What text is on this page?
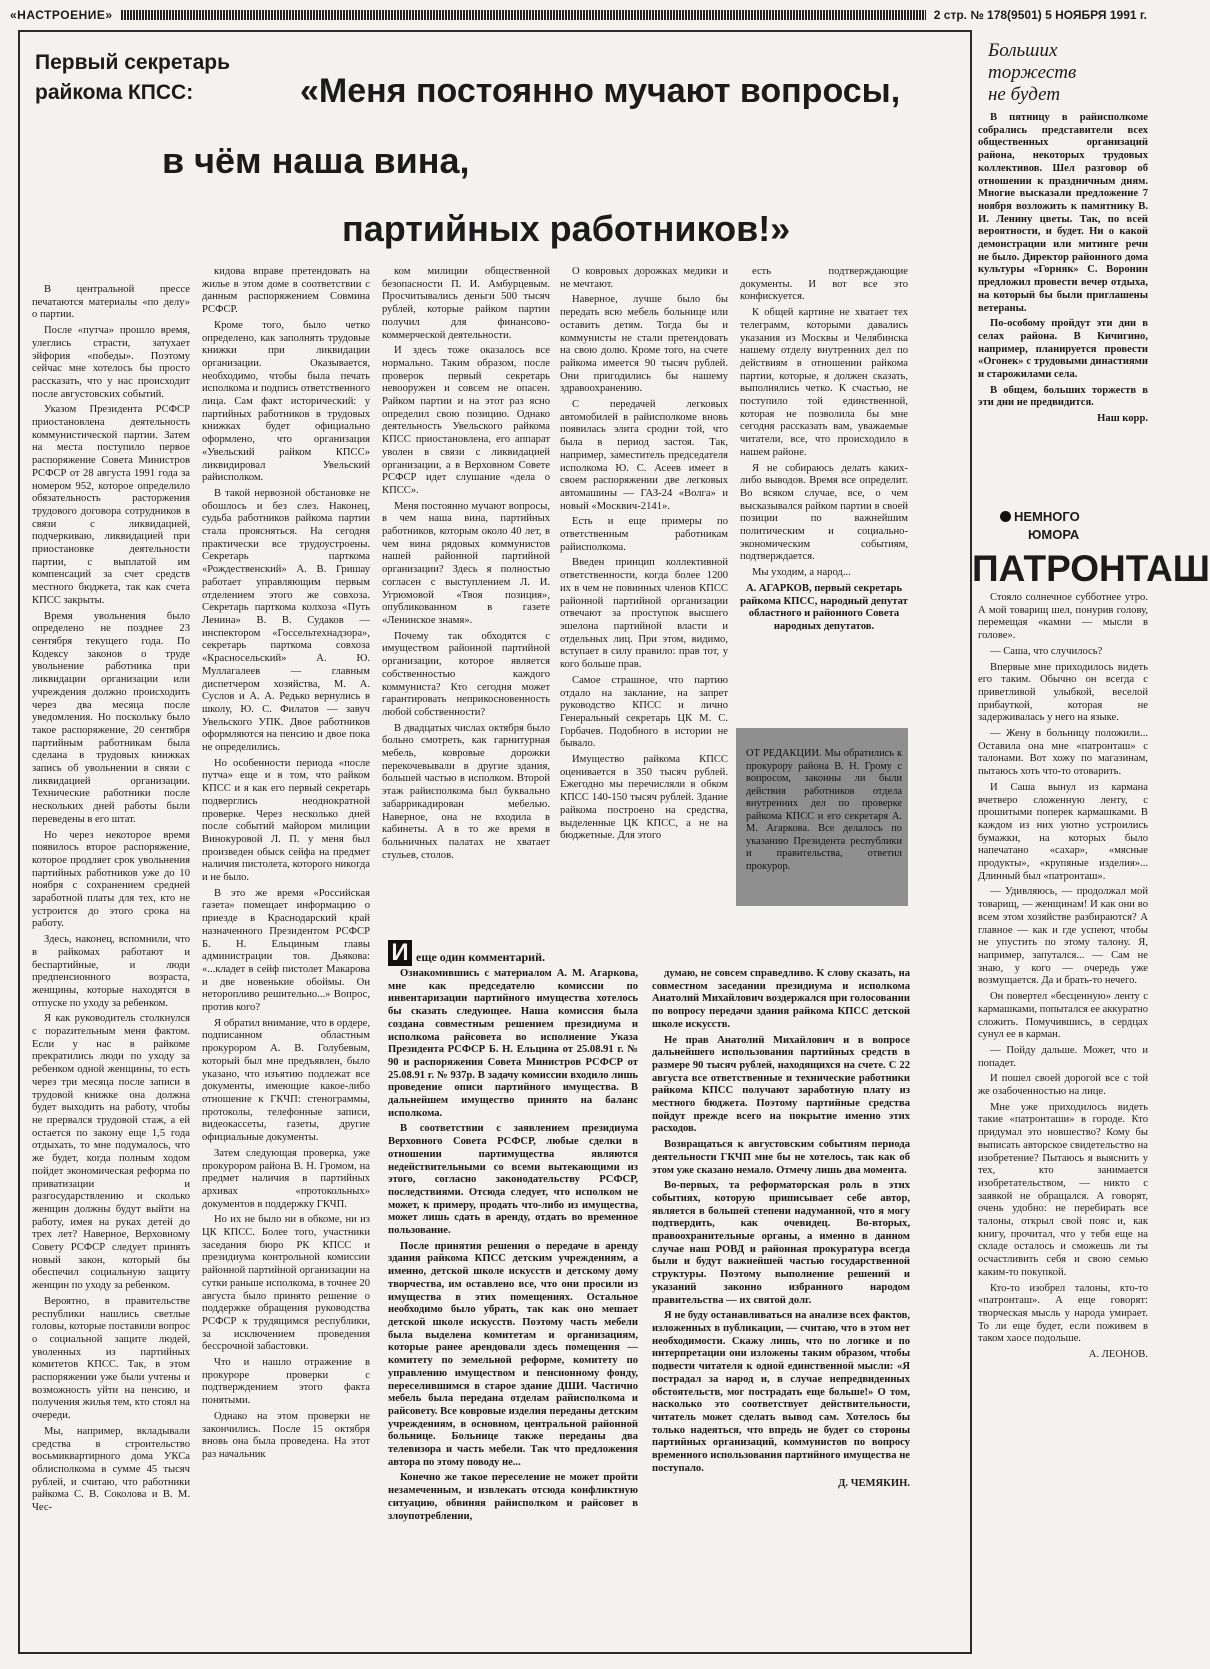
«НАСТРОЕНИЕ»	2 стр. № 178(9501) 5 НОЯБРЯ 1991 г.
Первый секретарь райкома КПСС:	«Меня постоянно мучают вопросы,
в чём наша вина,
партийных работников!»

В центральной прессе печатаются материалы «по делу» о партии.

После «путча» прошло время, улеглись страсти, затухает эйфория «победы». Поэтому сейчас мне хотелось бы просто рассказать, что у нас происходит после августовских событий.

Указом Президента РСФСР приостановлена деятельность коммунистической партии. Затем на места поступило первое распоряжение Совета Министров РСФСР от 28 августа 1991 года за номером 952, которое определило обязательность расторжения трудового договора сотрудников в связи с ликвидацией, подчеркиваю, ликвидацией при приостановке деятельности партии, с выплатой им компенсаций за счет средств местного бюджета, так как счета КПСС закрыты.

Время увольнения было определено не позднее 23 сентября текущего года. По Кодексу законов о труде увольнение работника при ликвидации организации или учреждения должно происходить через два месяца после уведомления. Но поскольку было такое распоряжение, 20 сентября партийным работникам была сделана в трудовых книжках запись об увольнении в связи с ликвидацией организации. Технические работники после нескольких дней работы были переведены в его штат.

Но через некоторое время появилось второе распоряжение, которое продляет срок увольнения партийных работников уже до 10 ноября с сохранением средней заработной платы для тех, кто не устроится до этого срока на работу.

Здесь, наконец, вспомнили, что в райкомах работают и беспартийные, и люди предпенсионного возраста, женщины, которые находятся в отпуске по уходу за ребенком.

Я как руководитель столкнулся с порazительным меня фактом. Если у нас в райкоме прекратились люди по уходу за ребенком одной женщины, то есть через три месяца после записи в трудовой книжке она должна будет выходить на работу, чтобы не прервался трудовой стаж, а ей остается по закону еще 1,5 года отдыхать, то мне подумалось, что же будет, когда полным ходом пойдет экономическая реформа по приватизации и разгосударствлению и сколько женщин должны будут выйти на работу, имея на руках детей до трех лет? Наверное, Верховному Совету РСФСР следует принять новый закон, который бы обеспечил социальную защиту женщин по уходу за ребенком.

Вероятно, в правительстве республики нашлись светлые головы, которые поставили вопрос о социальной защите людей, уволенных из партийных комитетов КПСС. Так, в этом распоряжении уже были учтены и возможность уйти на пенсию, и получения жилья тем, кто стоял на очереди.

Мы, например, вкладывали средства в строительство восьмиквартирного дома УКСа облисполкома в сумме 45 тысяч рублей, и считаю, что работники райкома С. В. Соколова и В. М. Чес-

кидова вправе претендовать на жилье в этом доме в соответствии с данным распоряжением Совмина РСФСР.

Кроме того, было четко определено, как заполнять трудовые книжки при ликвидации организации. Оказывается, необходимо, чтобы была печать исполкома и подпись ответственного лица. Сам факт исторический: у партийных работников в трудовых книжках будет официально оформлено, что организация «Увельский райком КПСС» ликвидировал Увельский райисполком.

В такой нервозной обстановке не обошлось и без слез. Наконец, судьба работников райкома партии стала проясняться. На сегодня практически все трудоустроены. Секретарь парткома «Рождественский» А. В. Гришау работает управляющим первым отделением этого же совхоза. Секретарь парткома колхоза «Путь Ленина» В. В. Судаков — инспектором «Госсельтехнадзора», секретарь парткома совхоза «Красносельский» А. Ю. Муллагалеев — главным диспетчером хозяйства, М. А. Суслов и А. А. Редько вернулись в школу, Ю. С. Филатов — завуч Увельского УПК. Двое работников оформляются на пенсию и двое пока не определились.

Но особенности периода «после путча» еще и в том, что райком КПСС и я как его первый секретарь подверглись неоднократной проверке. Через несколько дней после событий майором милиции Винокуровой Л. П. у меня был произведен обыск сейфа на предмет наличия пистолета, которого никогда и не было.

В это же время «Российская газета» помещает информацию о приезде в Краснодарский край назначенного Президентом РСФСР Б. Н. Ельциным главы администрации тов. Дьякова: «...кладет в сейф пистолет Макарова и две новенькие обоймы. Он неторопливо решительно...» Вопрос, против кого?

Я обратил внимание, что в ордере, подписанном областным прокурором А. В. Голубевым, который был мне предъявлен, было указано, что изъятию подлежат все документы, имеющие какое-либо отношение к ГКЧП: стенограммы, протоколы, телефонные записи, видеокассеты, газеты, другие официальные документы.

Затем следующая проверка, уже прокурором района В. Н. Громом, на предмет наличия в партийных архивах «протокольных» документов в поддержку ГКЧП.

Но их не было ни в обкоме, ни из ЦК КПСС. Более того, участники заседания бюро РК КПСС и президиума контрольной комиссии районной партийной организации на сутки раньше исполкома, в точнее 20 августа было принято решение о поддержке обращения руководства РСФСР к трудящимся республики, за исключением проведения бессрочной забастовки.

Что и нашло отражение в прокуроре проверки с подтверждением этого факта понятыми.

Однако на этом проверки не закончились. После 15 октября вновь она была проведена. На этот раз начальник

ком милиции общественной безопасности П. И. Амбурцевым. Просчитывались деньги 500 тысяч рублей, которые райком партии получил для финансово-коммерческой деятельности.

И здесь тоже оказалось все нормально. Таким образом, после проверок первый секретарь невооружен и совсем не опасен. Райком партии и на этот раз ясно определил свою позицию. Однако деятельность Увельского райкома КПСС приостановлена, его аппарат уволен в связи с ликвидацией организации, а в Верховном Совете РСФСР идет слушание «дела о КПСС».

Меня постоянно мучают вопросы, в чем наша вина, партийных работников, которым около 40 лет, в чем вина рядовых коммунистов нашей районной партийной организации? Здесь я полностью согласен с выступлением Л. И. Угрюмовой «Твоя позиция», опубликованном в газете «Ленинское знамя».

Почему так обходятся с имуществом районной партийной организации, которое является собственностью каждого коммуниста? Кто сегодня может гарантировать неприкосновенность любой собственности?

В двадцатых числах октября было больно смотреть, как гарнитурная мебель, ковровые дорожки перекочевывали в другие здания, большей частью в исполком. Второй этаж райисполкома был буквально забаррикадирован мебелью. Наверное, она не входила в кабинеты. А в то же время в больничных палатах не хватает стульев, столов.

О ковровых дорожках медики и не мечтают.

Наверное, лучше было бы передать всю мебель больнице или оставить детям. Тогда бы и коммунисты не стали претендовать на свою долю. Кроме того, на счете райкома имеется 90 тысяч рублей. Они пригодились бы нашему здравоохранению.

С передачей легковых автомобилей в райисполкоме вновь появилась элита сродни той, что была в период застоя. Так, например, заместитель председателя исполкома Ю. С. Асеев имеет в своем распоряжении две легковых автомашины — ГАЗ-24 «Волга» и новый «Москвич-2141».

Есть и еще примеры по ответственным работникам райисполкома.

Введен принцип коллективной ответственности, когда более 1200 их в чем не повинных членов КПСС районной партийной организации отвечают за проступок высшего эшелона партийной власти и отдельных лиц. При этом, видимо, вступает в силу правило: прав тот, у кого больше прав.

Самое страшное, что партию отдало на заклание, на запрет руководство КПСС и лично Генеральный секретарь ЦК М. С. Горбачев. Подобного в истории не бывало.

Имущество райкома КПСС оценивается в 350 тысяч рублей. Ежегодно мы перечисляли в обком КПСС 140-150 тысяч рублей. Здание райкома построено на средства, выделенные ЦК КПСС, а не на бюджетные. Для этого

есть подтверждающие документы. И вот все это конфискуется.

К общей картине не хватает тех телеграмм, которыми давались указания из Москвы и Челябинска нашему отделу внутренних дел по действиям в отношении райкома партии, которые, я должен сказать, выполнялись четко. К счастью, не поступило той единственной, которая не позволила бы мне сегодня рассказать вам, уважаемые читатели, все, что происходило в нашем районе.

Я не собираюсь делать каких-либо выводов. Время все определит. Во всяком случае, все, о чем высказывался райком партии в своей позиции по важнейшим политическим и социально-экономическим событиям, подтверждается.

Мы уходим, а народ...

А. АГАРКОВ, первый секретарь райкома КПСС, народный депутат областного и районного Совета народных депутатов.

ОТ РЕДАКЦИИ. Мы обратились к прокурору района В. Н. Грому с вопросом, законны ли были действия работников отдела внутренних дел по проверке райкома КПСС и его секретаря А. М. Агаркова. Все делалось по указанию Президента республики и правительства, ответил прокурор.
И еще один комментарий.

Ознакомившись с материалом А. М. Агаркова, мне как председателю комиссии по инвентаризации партийного имущества хотелось бы сказать следующее. Наша комиссия была создана совместным решением президиума и исполкома райсовета во исполнение Указа Президента РСФСР Б. Н. Ельцина от 25.08.91 г. № 90 и распоряжения Совета Министров РСФСР от 25.08.91 г. № 937р. В задачу комиссии входило лишь проведение описи партийного имущества. В дальнейшем имущество принято на баланс исполкома.

В соответствии с заявлением президиума Верховного Совета РСФСР, любые сделки в отношении партимущества являются недействительными со всеми вытекающими из этого, согласно законодательству РСФСР, последствиями. Отсюда следует, что исполком не может, к примеру, продать что-либо из имущества, может лишь сдать в аренду, отдать во временное пользование.

После принятия решения о передаче в аренду здания райкома КПСС детским учреждениям, а именно, детской школе искусств и детскому дому творчества, им оставлено все, что они просили из имущества в этих помещениях. Остальное необходимо было убрать, так как оно мешает детской школе искусств. Поэтому часть мебели была выделена комитетам и организациям, которые ранее арендовали здесь помещения — комитету по земельной реформе, комитету по управлению имуществом и пенсионному фонду, переселившимся в старое здание ДШИ. Частично мебель была передана отделам райисполкома и райсовету. Все ковровые изделия переданы детским учреждениям, в основном, центральной районной больнице. Больнице также переданы два телевизора и часть мебели. Так что предложения автора по этому поводу не...

Конечно же такое переселение не может пройти незамеченным, и извлекать отсюда конфликтную ситуацию, обвиняя райисполком и райсовет в злоупотреблении,

думаю, не совсем справедливо. К слову сказать, на совместном заседании президиума и исполкома Анатолий Михайлович воздержался при голосовании по вопросу передачи здания райкома КПСС детской школе искусств.

Не прав Анатолий Михайлович и в вопросе дальнейшего использования партийных средств в размере 90 тысяч рублей, находящихся на счете. С 22 августа все ответственные и технические работники райкома КПСС получают заработную плату из местного бюджета. Поэтому партийные средства пойдут прежде всего на покрытие именно этих расходов.

Возвращаться к августовским событиям периода деятельности ГКЧП мне бы не хотелось, так как об этом уже сказано немало. Отмечу лишь два момента.

Во-первых, та реформаторская роль в этих событиях, которую приписывает себе автор, является в большей степени надуманной, что я могу подтвердить, как очевидец. Во-вторых, правоохранительные органы, а именно в данном случае наш РОВД и районная прокуратура всегда были и будут важнейшей частью государственной структуры. Поэтому выполнение решений и указаний законно избранного народом правительства — их святой долг.

Я не буду останавливаться на анализе всех фактов, изложенных в публикации, — считаю, что в этом нет необходимости. Скажу лишь, что по логике и по интерпретации они изложены таким образом, чтобы подвести читателя к одной единственной мысли: «Я пострадал за народ и, в случае непредвиденных обстоятельств, мог пострадать еще больше!» О том, насколько это соответствует действительности, читатель может сделать вывод сам. Хотелось бы только надеяться, что впредь не будет со стороны партийных организаций, коммунистов по вопросу временного использования партийного имущества не поступало.

Д. ЧЕМЯКИН.

Больших торжеств не будет

В пятницу в райисполкоме собрались представители всех общественных организаций района, некоторых трудовых коллективов. Шел разговор об отношении к праздничным дням. Многие высказали предложение 7 ноября возложить к памятнику В. И. Ленину цветы. Так, по всей вероятности, и будет. Ни о какой демонстрации или митинге речи не было. Директор районного дома культуры «Горняк» С. Воронин предложил провести вечер отдыха, на который бы были приглашены ветераны.

По-особому пройдут эти дни в селах района. В Кичигино, например, планируется провести «Огонек» с трудовыми династиями и старожилами села.

В общем, больших торжеств в эти дни не предвидится.

Наш корр.

НЕМНОГО
ЮМОРА
ПАТРОНТАШ

Стояло солнечное субботнее утро. А мой товарищ шел, понурив голову, перемещая «камни — мысли в голове».

— Саша, что случилось?

Впервые мне приходилось видеть его таким. Обычно он всегда с приветливой улыбкой, веселой прибауткой, которая не задерживалась у него на языке.

— Жену в больницу положили... Оставила она мне «патронташ» с талонами. Вот хожу по магазинам, пытаюсь хоть что-то отоварить.

И Саша вынул из кармана вчетверо сложенную ленту, с прошитыми поперек кармашками. В каждом из них уютно устроились бумажки, на которых было напечатано «сахар», «мясные продукты», «крупяные изделия»... Длинный был «патронташ».

— Удивляюсь, — продолжал мой товарищ, — женщинам! И как они во всем этом хозяйстве разбираются? А главное — как и где успеют, чтобы не упустить по этому талону. Я, например, запутался... — Сам не знаю, у кого — очередь уже возмущается. Да и брать-то нечего.

Он повертел «бесценную» ленту с кармашками, попытался ее аккуратно сложить. Помучившись, в сердцах сунул ее в карман.

— Пойду дальше. Может, что и попадет.

И пошел своей дорогой все с той же озабоченностью на лице.

Мне уже приходилось видеть такие «патронташи» в городе. Кто придумал это новшество? Кому бы выписать авторское свидетельство на изобретение? Пытаюсь я выяснить у тех, кто занимается изобретательством, — никто с заявкой не обращался. А говорят, очень удобно: не перебирать все талоны, открыл свой пояс и, как книгу, прочитал, что у тебя еще на складе осталось и сможешь ли ты осчастливить себя и свою семью каким-то покупкой.

Кто-то изобрел талоны, кто-то «патронташ». А еще говорят: творческая мысль у народа умирает. То ли еще будет, если поживем в таком хаосе подольше.

А. ЛЕОНОВ.
